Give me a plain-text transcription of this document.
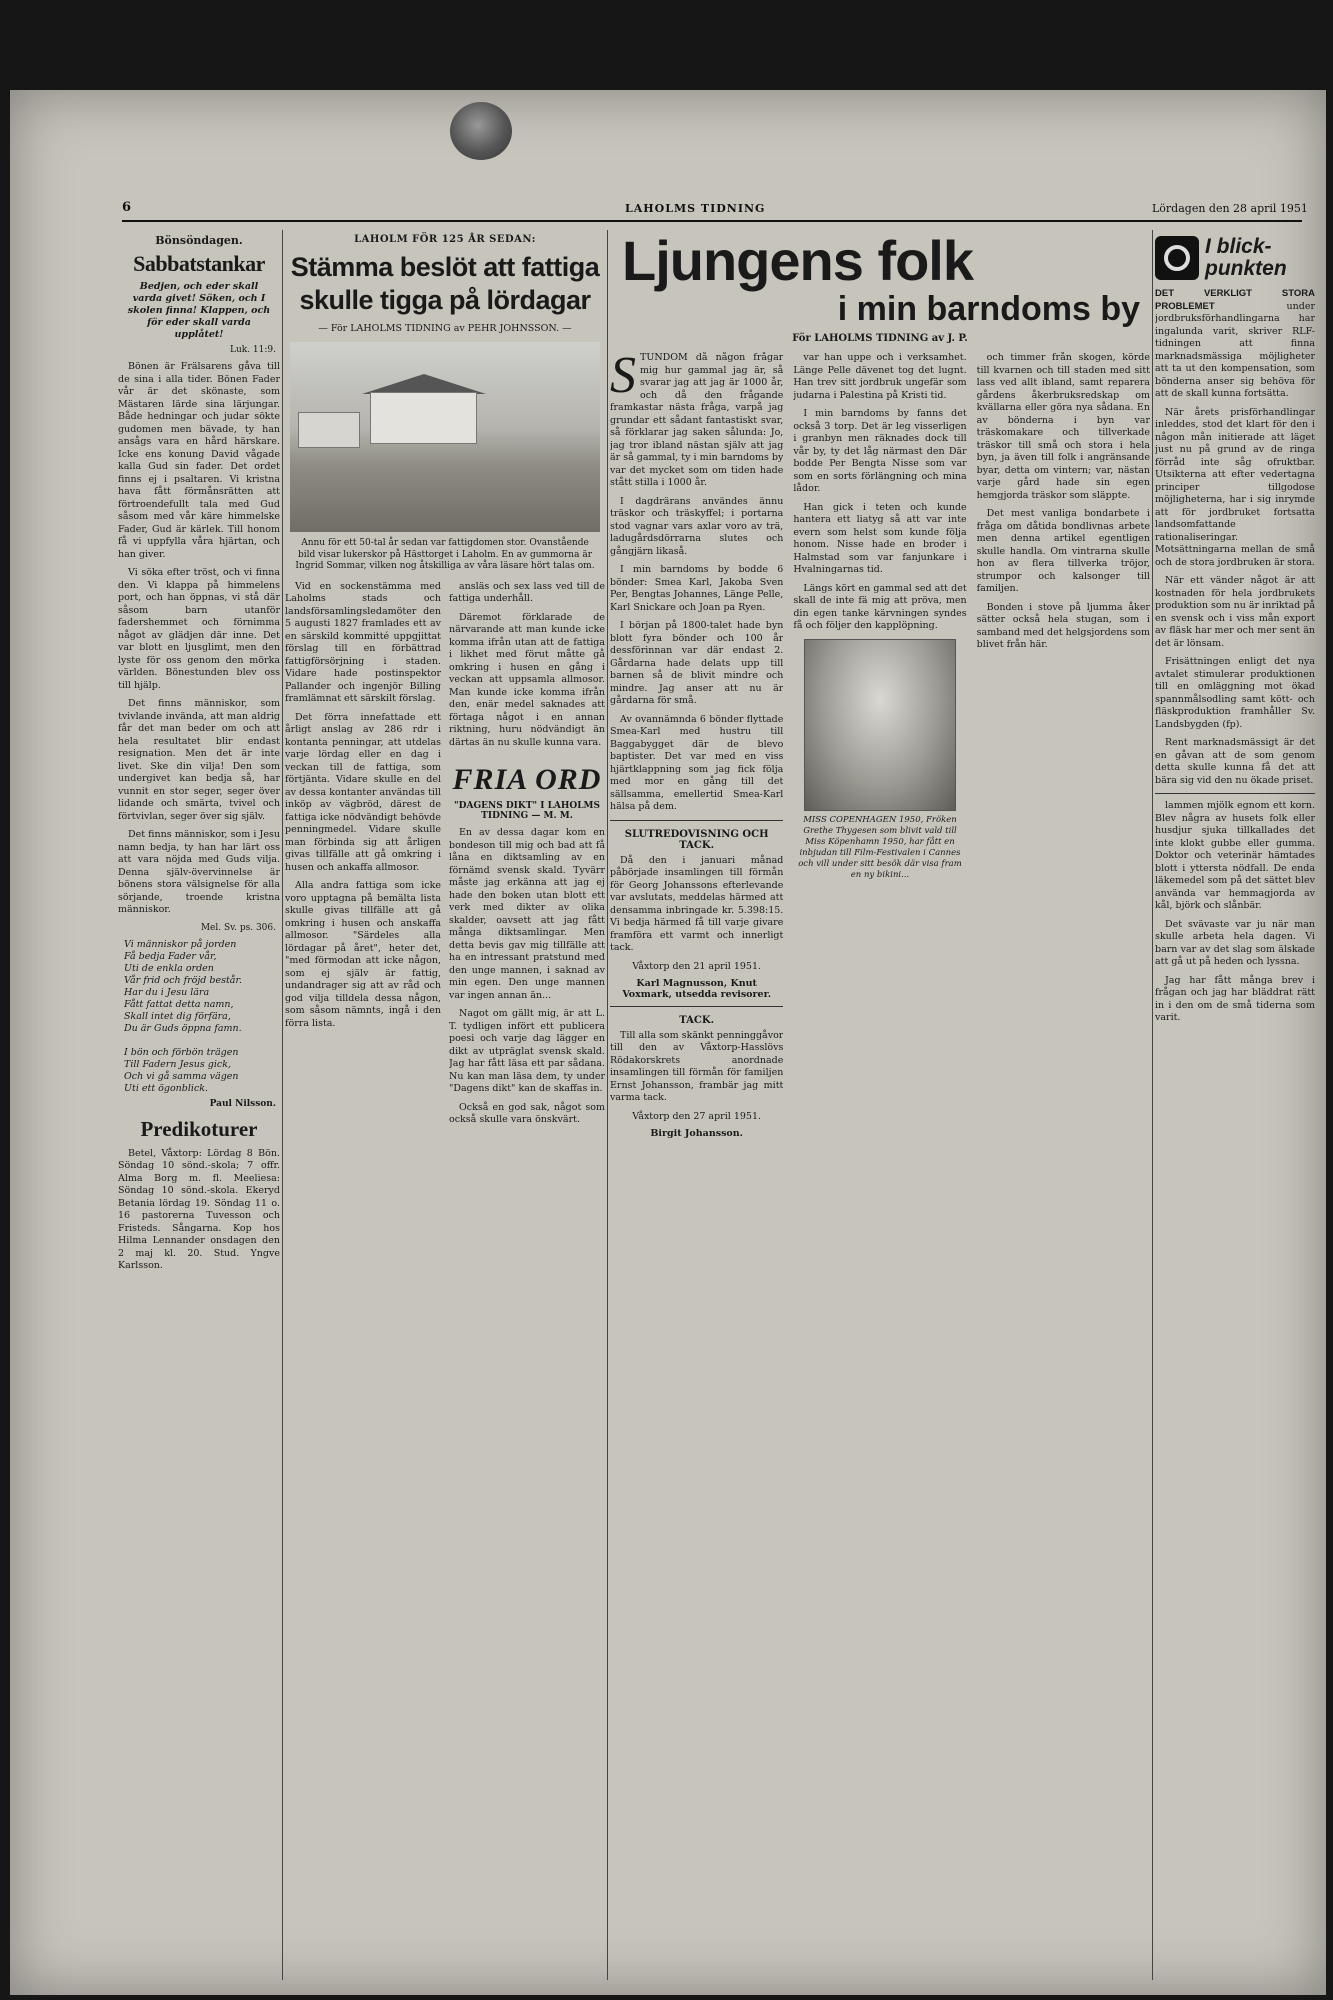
6	LAHOLMS TIDNING	Lördagen den 28 april 1951
Bönsöndagen.
Sabbatstankar
Bedjen, och eder skall varda givet! Söken, och I skolen finna! Klappen, och för eder skall varda upplåtet!
Luk. 11:9.

Bönen är Frälsarens gåva till de sina i alla tider. Bönen Fader vår är det skönaste, som Mästaren lärde sina lärjungar. Både hedningar och judar sökte gudomen men bävade, ty han ansågs vara en hård härskare. Icke ens konung David vågade kalla Gud sin fader. Det ordet finns ej i psaltaren. Vi kristna hava fått förmånsrätten att förtroendefullt tala med Gud såsom med vår käre himmelske Fader, Gud är kärlek. Till honom få vi uppfylla våra hjärtan, och han giver.

Vi söka efter tröst, och vi finna den. Vi klappa på himmelens port, och han öppnas, vi stå där såsom barn utanför fadershemmet och förnimma något av glädjen där inne. Det var blott en ljusglimt, men den lyste för oss genom den mörka världen. Bönestunden blev oss till hjälp.

Det finns människor, som tvivlande invända, att man aldrig får det man beder om och att hela resultatet blir endast resignation. Men det är inte livet. Ske din vilja! Den som undergivet kan bedja så, har vunnit en stor seger, seger över lidande och smärta, tvivel och förtvivlan, seger över sig själv.

Det finns människor, som i Jesu namn bedja, ty han har lärt oss att vara nöjda med Guds vilja. Denna själv-övervinnelse är bönens stora välsignelse för alla sörjande, troende kristna människor.

Mel. Sv. ps. 306.
Vi människor på jorden
Få bedja Fader vår,
Uti de enkla orden
Vår frid och fröjd består.
Har du i Jesu lära
Fått fattat detta namn,
Skall intet dig förfära,
Du är Guds öppna famn.

I bön och förbön trägen
Till Fadern Jesus gick,
Och vi gå samma vägen
Uti ett ögonblick.
Paul Nilsson.
Predikoturer

Betel, Våxtorp: Lördag 8 Bön. Söndag 10 sönd.-skola; 7 offr. Alma Borg m. fl. Meeliesa: Söndag 10 sönd.-skola. Ekeryd Betania lördag 19. Söndag 11 o. 16 pastorerna Tuvesson och Fristeds. Sångarna. Kop hos Hilma Lennander onsdagen den 2 maj kl. 20. Stud. Yngve Karlsson.

LAHOLM FÖR 125 ÅR SEDAN:
Stämma beslöt att fattiga
skulle tigga på lördagar
— För LAHOLMS TIDNING av PEHR JOHNSSON. —
Annu för ett 50-tal år sedan var fattigdomen stor. Ovanstående bild visar lukerskor på Hästtorget i Laholm. En av gummorna är Ingrid Sommar, vilken nog åtskilliga av våra läsare hört talas om.

Vid en sockenstämma med Laholms stads och landsförsamlingsledamöter den 5 augusti 1827 framlades ett av en särskild kommitté uppgjittat förslag till en förbättrad fattigförsörjning i staden. Vidare hade postinspektor Pallander och ingenjör Billing framlämnat ett särskilt förslag.

Det förra innefattade ett årligt anslag av 286 rdr i kontanta penningar, att utdelas varje lördag eller en dag i veckan till de fattiga, som förtjänta. Vidare skulle en del av dessa kontanter användas till inköp av vägbröd, därest de fattiga icke nödvändigt behövde penningmedel. Vidare skulle man förbinda sig att årligen givas tillfälle att gå omkring i husen och ankaffa allmosor.

Alla andra fattiga som icke voro upptagna på bemälta lista skulle givas tillfälle att gå omkring i husen och anskaffa allmosor. "Särdeles alla lördagar på året", heter det, "med förmodan att icke någon, som ej själv är fattig, undandrager sig att av råd och god vilja tilldela dessa någon, som såsom nämnts, ingå i den förra lista.

ansläs och sex lass ved till de fattiga underhåll.

Däremot förklarade de närvarande att man kunde icke komma ifrån utan att de fattiga i likhet med förut måtte gå omkring i husen en gång i veckan att uppsamla allmosor. Man kunde icke komma ifrån den, enär medel saknades att förtaga något i en annan riktning, huru nödvändigt än därtas än nu skulle kunna vara.

FRIA ORD
"DAGENS DIKT" I LAHOLMS TIDNING — M. M.

En av dessa dagar kom en bondeson till mig och bad att få låna en diktsamling av en förnämd svensk skald. Tyvärr måste jag erkänna att jag ej hade den boken utan blott ett verk med dikter av olika skalder, oavsett att jag fått många diktsamlingar. Men detta bevis gav mig tillfälle att ha en intressant pratstund med den unge mannen, i saknad av min egen. Den unge mannen var ingen annan än...

Nagot om gällt mig, är att L. T. tydligen infört ett publicera poesi och varje dag lägger en dikt av utpräglat svensk skald. Jag har fått läsa ett par sådana. Nu kan man läsa dem, ty under "Dagens dikt" kan de skaffas in.

Också en god sak, något som också skulle vara önskvärt.

Ljungens folk
i min barndoms by
För LAHOLMS TIDNING av J. P.
S TUNDOM då någon frågar mig hur gammal jag är, så svarar jag att jag är 1000 år, och då den frågande framkastar nästa fråga, varpå jag grundar ett sådant fantastiskt svar, så förklarar jag saken sålunda: Jo, jag tror ibland nästan själv att jag är så gammal, ty i min barndoms by var det mycket som om tiden hade stått stilla i 1000 år.

I dagdrärans användes ännu träskor och träskyffel; i portarna stod vagnar vars axlar voro av trä, ladugårdsdörrarna slutes och gångjärn likaså.

I min barndoms by bodde 6 bönder: Smea Karl, Jakoba Sven Per, Bengtas Johannes, Länge Pelle, Karl Snickare och Joan pa Ryen.

I början på 1800-talet hade byn blott fyra bönder och 100 år dessförinnan var där endast 2. Gårdarna hade delats upp till barnen så de blivit mindre och mindre. Jag anser att nu är gårdarna för små.

Av ovannämnda 6 bönder flyttade Smea-Karl med hustru till Baggabygget där de blevo baptister. Det var med en viss hjärtklappning som jag fick följa med mor en gång till det sällsamma, emellertid Smea-Karl hälsa på dem.

SLUTREDOVISNING OCH TACK.

Då den i januari månad påbörjade insamlingen till förmån för Georg Johanssons efterlevande var avslutats, meddelas härmed att densamma inbringade kr. 5.398:15. Vi bedja härmed få till varje givare framföra ett varmt och innerligt tack.

Våxtorp den 21 april 1951.
Karl Magnusson, Knut Voxmark, utsedda revisorer.
TACK.

Till alla som skänkt penninggåvor till den av Våxtorp-Hasslövs Rödakorskrets anordnade insamlingen till förmån för familjen Ernst Johansson, frambär jag mitt varma tack.

Våxtorp den 27 april 1951.
Birgit Johansson.

var han uppe och i verksamhet. Länge Pelle dävenet tog det lugnt. Han trev sitt jordbruk ungefär som judarna i Palestina på Kristi tid.

I min barndoms by fanns det också 3 torp. Det är leg visserligen i granbyn men räknades dock till vår by, ty det låg närmast den Där bodde Per Bengta Nisse som var som en sorts förlängning och mina lådor.

Han gick i teten och kunde hantera ett liatyg så att var inte evern som helst som kunde följa honom. Nisse hade en broder i Halmstad som var fanjunkare i Hvalningarnas tid.

Längs kört en gammal sed att det skall de inte fä mig att pröva, men din egen tanke kärvningen syndes få och följer den kapplöpning.

MISS COPENHAGEN 1950, Fröken Grethe Thygesen som blivit vald till Miss Köpenhamn 1950, har fått en inbjudan till Film-Festivalen i Cannes och vill under sitt besök där visa fram en ny bikini...

och timmer från skogen, körde till kvarnen och till staden med sitt lass ved allt ibland, samt reparera gårdens åkerbruksredskap om kvällarna eller göra nya sådana. En av bönderna i byn var träskomakare och tillverkade träskor till små och stora i hela byn, ja även till folk i angränsande byar, detta om vintern; var, nästan varje gård hade sin egen hemgjorda träskor som släppte.

Det mest vanliga bondarbete i fråga om dåtida bondlivnas arbete men denna artikel egentligen skulle handla. Om vintrarna skulle hon av flera tillverka tröjor, strumpor och kalsonger till familjen.

Bonden i stove på ljumma åker sätter också hela stugan, som i samband med det helgsjordens som blivet från här.

I blick-punkten

DET VERKLIGT STORA PROBLEMET	under jordbruksförhandlingarna har ingalunda varit, skriver RLF-tidningen att finna marknadsmässiga möjligheter att ta ut den kompensation, som bönderna anser sig behöva för att de skall kunna fortsätta.

När årets prisförhandlingar inleddes, stod det klart för den i någon mån initierade att läget just nu på grund av de ringa förråd inte såg ofruktbar. Utsikterna att efter vedertagna principer tillgodose möjligheterna, har i sig inrymde att för jordbruket fortsatta landsomfattande rationaliseringar. Motsättningarna mellan de små och de stora jordbruken är stora.

När ett vänder något är att kostnaden för hela jordbrukets produktion som nu är inriktad på en svensk och i viss mån export av fläsk har mer och mer sent än det är lönsam.

Frisättningen enligt det nya avtalet stimulerar produktionen till en omläggning mot ökad spannmålsodling samt kött- och fläskproduktion framhåller Sv. Landsbygden (fp).

Rent marknadsmässigt är det en gåvan att de som genom detta skulle kunna få det att bära sig vid den nu ökade priset.

lammen mjölk egnom ett korn. Blev några av husets folk eller husdjur sjuka tillkallades det inte klokt gubbe eller gumma. Doktor och veterinär hämtades blott i yttersta nödfall. De enda läkemedel som på det sättet blev använda var hemmagjorda av kål, björk och slånbär.

Det svävaste var ju när man skulle arbeta hela dagen. Vi barn var av det slag som älskade att gå ut på heden och lyssna.

Jag har fått många brev i frågan och jag har bläddrat rätt in i den om de små tiderna som varit.
